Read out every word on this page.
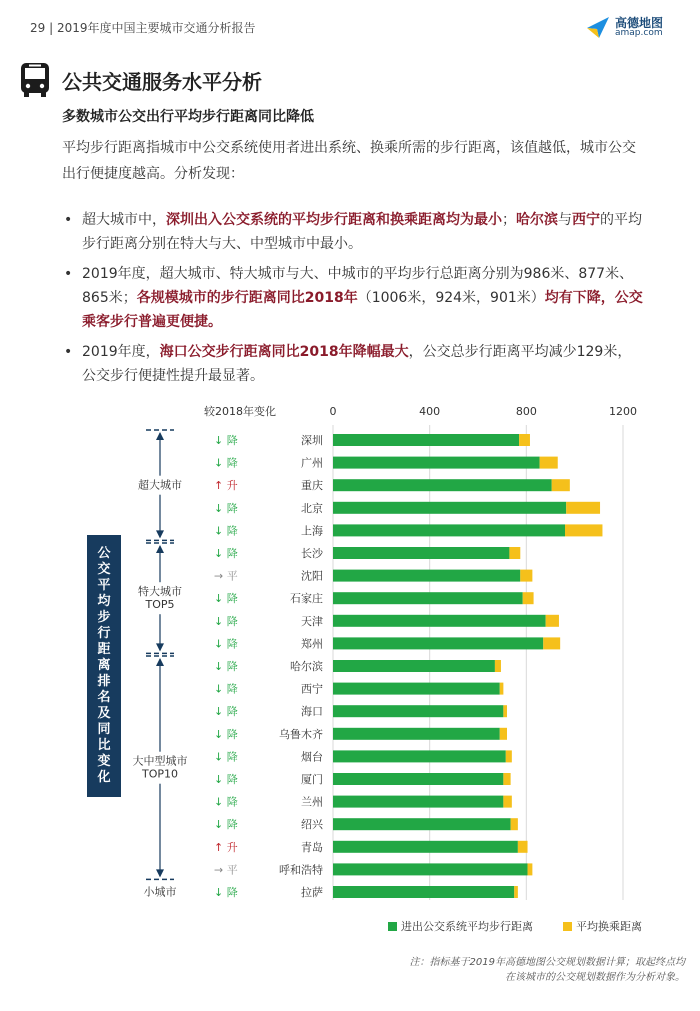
29 | 2019年度中国主要城市交通分析报告	高德地图
amap.com
公共交通服务水平分析
多数城市公交出行平均步行距离同比降低

平均步行距离指城市中公交系统使用者进出系统、换乘所需的步行距离，该值越低，城市公交出行便捷度越高。分析发现：

• 超大城市中，深圳出入公交系统的平均步行距离和换乘距离均为最小；哈尔滨与西宁的平均步行距离分别在特大与大、中型城市中最小。
• 2019年度，超大城市、特大城市与大、中城市的平均步行总距离分别为986米、877米、865米；各规模城市的步行距离同比2018年（1006米，924米，901米）均有下降，公交乘客步行普遍更便捷。
• 2019年度，海口公交步行距离同比2018年降幅最大，公交总步行距离平均减少129米，公交步行便捷性提升最显著。
较2018年变化	0	400	800	1200
深圳
↓ 降
广州
↓ 降
重庆
↑ 升
北京
↓ 降
上海
↓ 降
长沙
↓ 降
沈阳
→ 平
石家庄
↓ 降
天津
↓ 降
郑州
↓ 降
哈尔滨
↓ 降
西宁
↓ 降
海口
↓ 降
乌鲁木齐
↓ 降
烟台
↓ 降
厦门
↓ 降
兰州
↓ 降
绍兴
↓ 降
青岛
↑ 升
呼和浩特
→ 平
拉萨
↓ 降
超大城市
特大城市 TOP5
大中型城市 TOP10
小城市
公交平均步行距离排名及同比变化
进出公交系统平均步行距离	平均换乘距离

注：指标基于2019年高德地图公交规划数据计算；取起终点均在该城市的公交规划数据作为分析对象。
